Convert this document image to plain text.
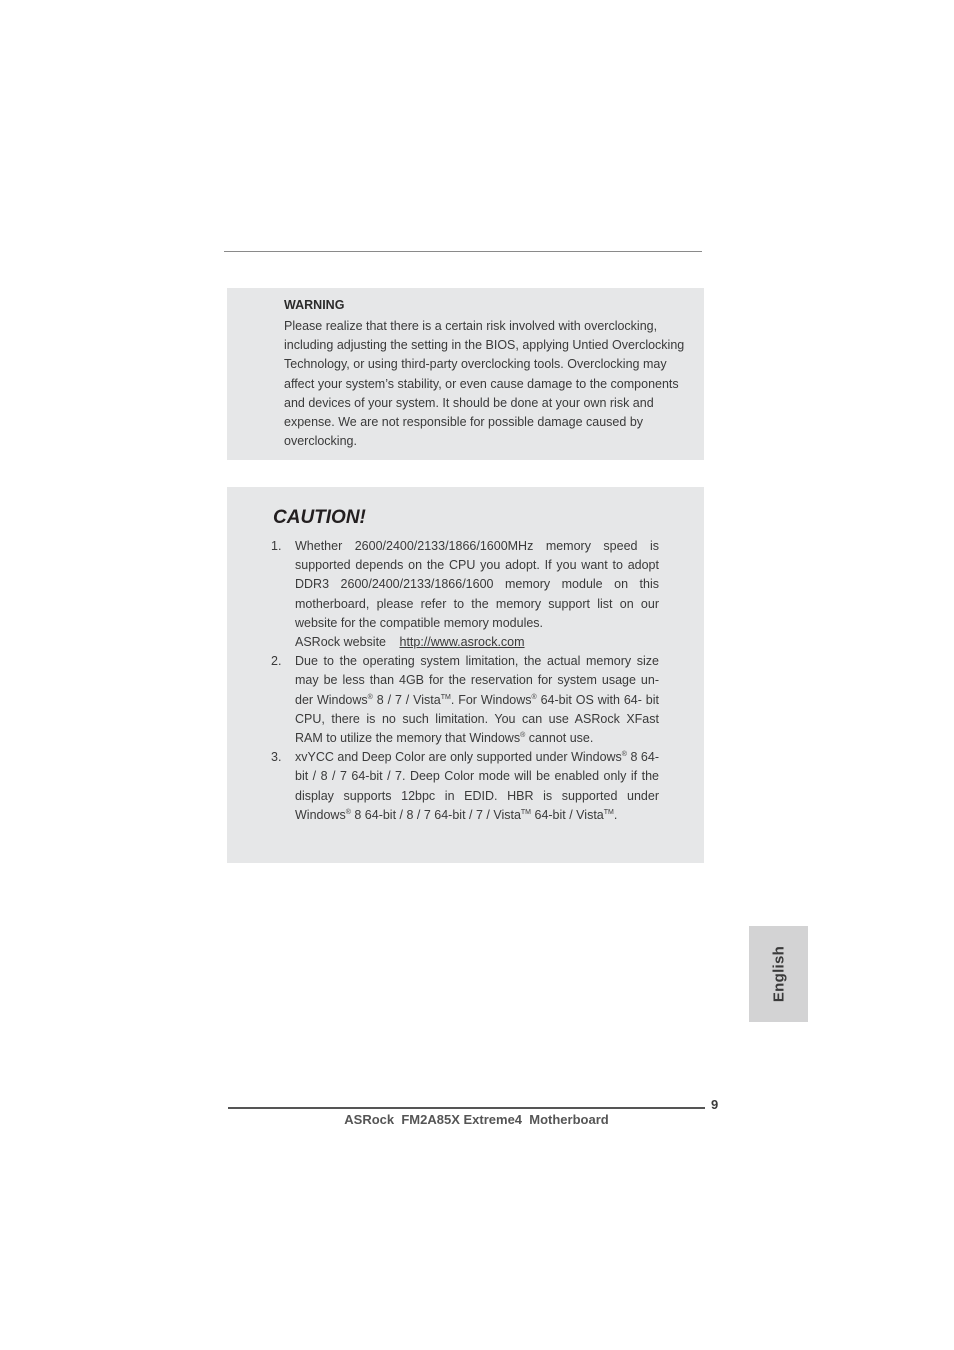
WARNING
Please realize that there is a certain risk involved with overclocking,
including adjusting the setting in the BIOS, applying Untied Overclocking
Technology, or using third-party overclocking tools. Overclocking may
affect your system’s stability, or even cause damage to the components
and devices of your system. It should be done at your own risk and
expense. We are not responsible for possible damage caused by
overclocking.
CAUTION!
1. Whether 2600/2400/2133/1866/1600MHz memory speed is supported depends on the CPU you adopt. If you want to adopt DDR3 2600/2400/2133/1866/1600 memory module on this motherboard, please refer to the memory support list on our website for the compatible memory modules.
ASRock website http://www.asrock.com
2. Due to the operating system limitation, the actual memory size may be less than 4GB for the reservation for system usage un- der Windows® 8 / 7 / Vista™. For Windows® 64-bit OS with 64- bit CPU, there is no such limitation. You can use ASRock XFast RAM to utilize the memory that Windows® cannot use.
3. xvYCC and Deep Color are only supported under Windows® 8 64-bit / 8 / 7 64-bit / 7. Deep Color mode will be enabled only if the display supports 12bpc in EDID. HBR is supported under Windows® 8 64-bit / 8 / 7 64-bit / 7 / Vista™ 64-bit / Vista™.
English
9
ASRock  FM2A85X Extreme4  Motherboard
